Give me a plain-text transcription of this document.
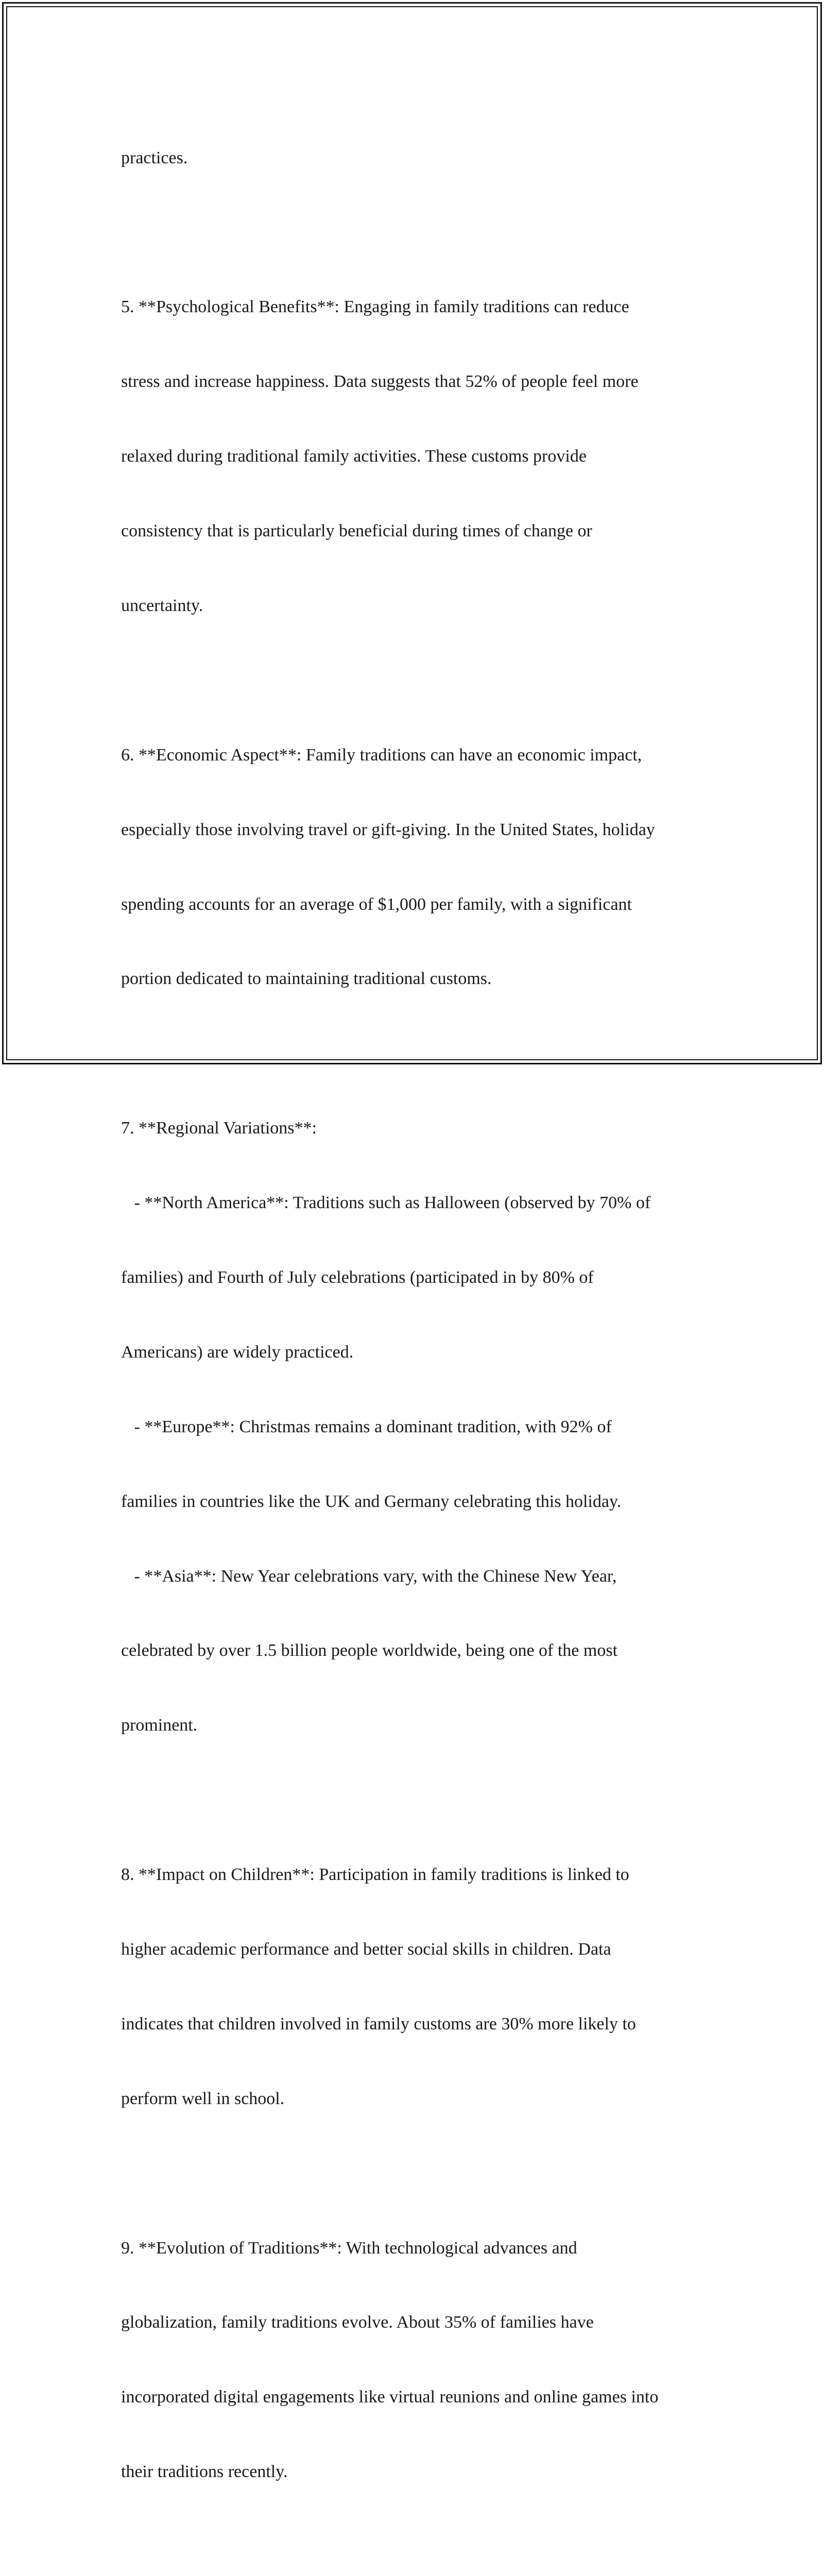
practices.

5. **Psychological Benefits**: Engaging in family traditions can reduce

stress and increase happiness. Data suggests that 52% of people feel more

relaxed during traditional family activities. These customs provide

consistency that is particularly beneficial during times of change or

uncertainty.

6. **Economic Aspect**: Family traditions can have an economic impact,

especially those involving travel or gift-giving. In the United States, holiday

spending accounts for an average of $1,000 per family, with a significant

portion dedicated to maintaining traditional customs.

7. **Regional Variations**:

- **North America**: Traditions such as Halloween (observed by 70% of

families) and Fourth of July celebrations (participated in by 80% of

Americans) are widely practiced.

- **Europe**: Christmas remains a dominant tradition, with 92% of

families in countries like the UK and Germany celebrating this holiday.

- **Asia**: New Year celebrations vary, with the Chinese New Year,

celebrated by over 1.5 billion people worldwide, being one of the most

prominent.

8. **Impact on Children**: Participation in family traditions is linked to

higher academic performance and better social skills in children. Data

indicates that children involved in family customs are 30% more likely to

perform well in school.

9. **Evolution of Traditions**: With technological advances and

globalization, family traditions evolve. About 35% of families have

incorporated digital engagements like virtual reunions and online games into

their traditions recently.
